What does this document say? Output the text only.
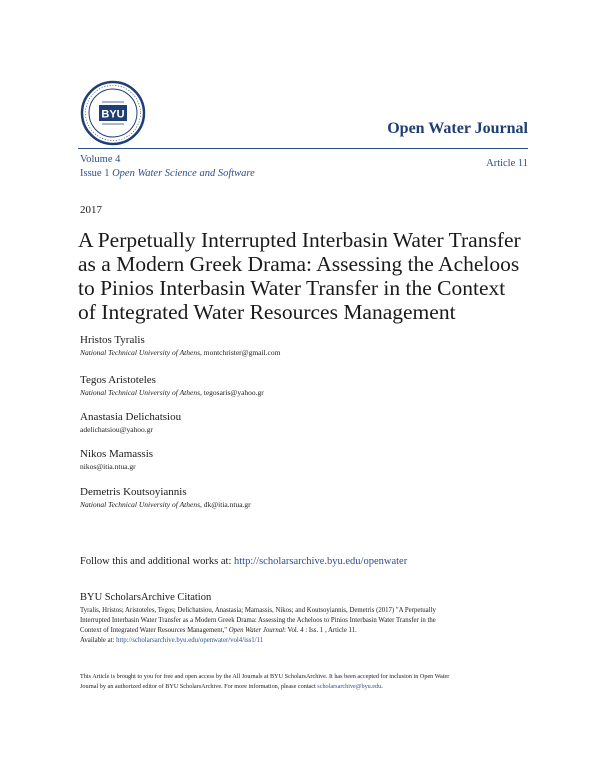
BYU
Open Water Journal
Volume 4
Issue 1 Open Water Science and Software
Article 11
2017
A Perpetually Interrupted Interbasin Water Transfer
as a Modern Greek Drama: Assessing the Acheloos
to Pinios Interbasin Water Transfer in the Context
of Integrated Water Resources Management
Hristos Tyralis
National Technical University of Athens, montchrister@gmail.com
Tegos Aristoteles
National Technical University of Athens, tegosaris@yahoo.gr
Anastasia Delichatsiou
adelichatsiou@yahoo.gr
Nikos Mamassis
nikos@itia.ntua.gr
Demetris Koutsoyiannis
National Technical University of Athens, dk@itia.ntua.gr
Follow this and additional works at: http://scholarsarchive.byu.edu/openwater
BYU ScholarsArchive Citation
Tyralis, Hristos; Aristoteles, Tegos; Delichatsiou, Anastasia; Mamassis, Nikos; and Koutsoyiannis, Demetris (2017) "A Perpetually
Interrupted Interbasin Water Transfer as a Modern Greek Drama: Assessing the Acheloos to Pinios Interbasin Water Transfer in the
Context of Integrated Water Resources Management," Open Water Journal: Vol. 4 : Iss. 1 , Article 11.
Available at: http://scholarsarchive.byu.edu/openwater/vol4/iss1/11
This Article is brought to you for free and open access by the All Journals at BYU ScholarsArchive. It has been accepted for inclusion in Open Water
Journal by an authorized editor of BYU ScholarsArchive. For more information, please contact scholarsarchive@byu.edu.
